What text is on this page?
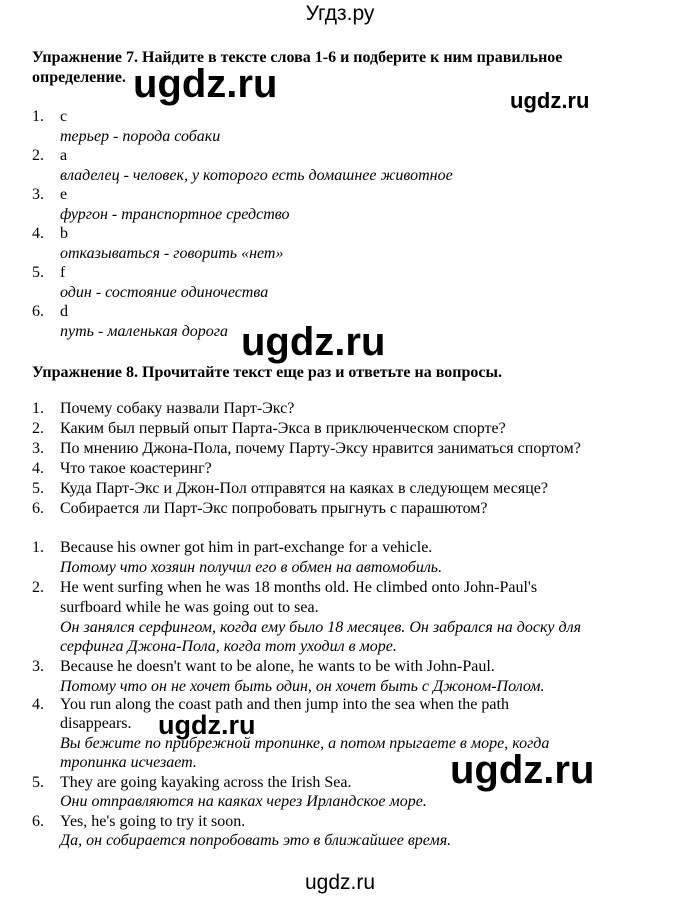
Угдз.ру
Упражнение 7. Найдите в тексте слова 1-6 и подберите к ним правильное
определение. ugdz.ru	ugdz.ru
1. c
терьер - порода собаки
2. a
владелец - человек, у которого есть домашнее животное
3. e
фургон - транспортное средство
4. b
отказываться - говорить «нет»
5. f
один - состояние одиночества
6. d
путь - маленькая дорога ugdz.ru
Упражнение 8. Прочитайте текст еще раз и ответьте на вопросы.
1. Почему собаку назвали Парт-Экс?
2. Каким был первый опыт Парта-Экса в приключенческом спорте?
3. По мнению Джона-Пола, почему Парту-Эксу нравится заниматься спортом?
4. Что такое коастеринг?
5. Куда Парт-Экс и Джон-Пол отправятся на каяках в следующем месяце?
6. Собирается ли Парт-Экс попробовать прыгнуть с парашютом?
1. Because his owner got him in part-exchange for a vehicle.
Потому что хозяин получил его в обмен на автомобиль.
2. He went surfing when he was 18 months old. He climbed onto John-Paul's
surfboard while he was going out to sea.
Он занялся серфингом, когда ему было 18 месяцев. Он забрался на доску для
серфинга Джона-Пола, когда тот уходил в море.
3. Because he doesn't want to be alone, he wants to be with John-Paul.
Потому что он не хочет быть один, он хочет быть с Джоном-Полом.
4. You run along the coast path and then jump into the sea when the path
disappears.
Вы бежите по прибрежной тропинке, а потом прыгаете в море, когда
тропинка исчезает.
5. They are going kayaking across the Irish Sea.
Они отправляются на каяках через Ирландское море.
6. Yes, he's going to try it soon.
Да, он собирается попробовать это в ближайшее время.
ugdz.ru
ugdz.ru
ugdz.ru
